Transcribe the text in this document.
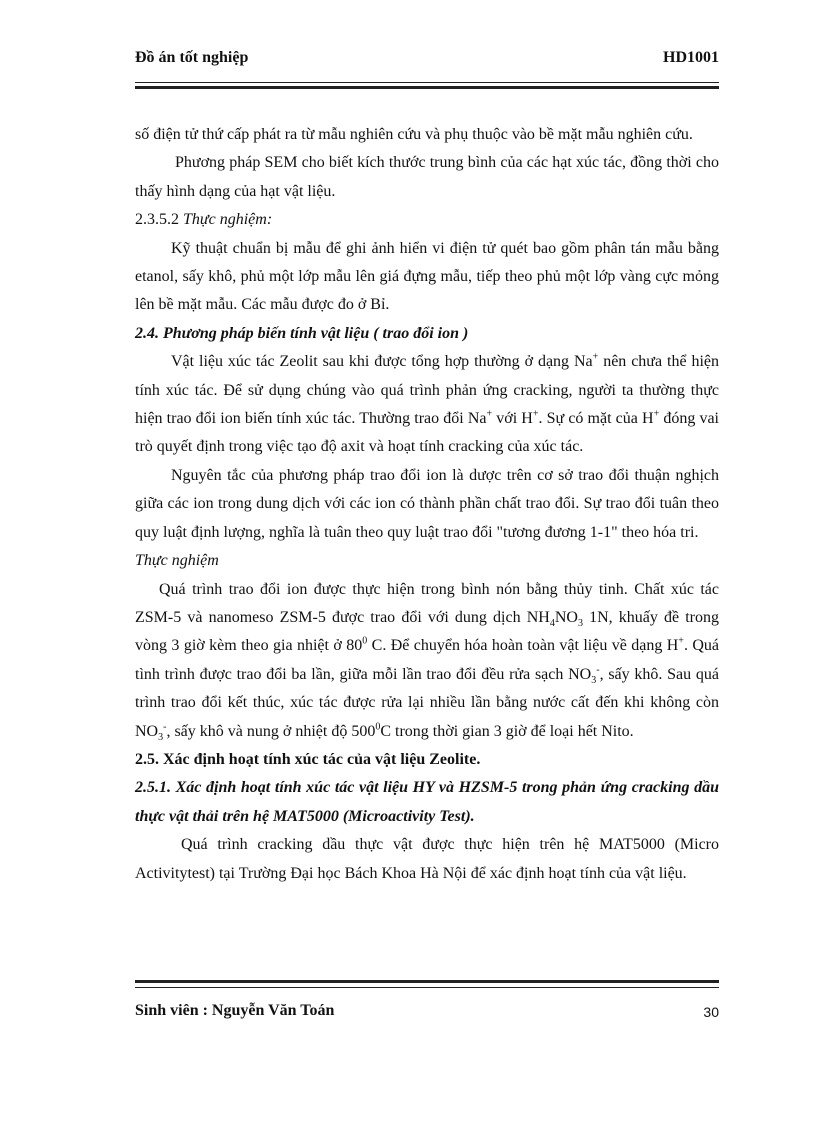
Đồ án tốt nghiệp	HD1001

số điện tử thứ cấp phát ra từ mẫu nghiên cứu và phụ thuộc vào bề mặt mẫu nghiên cứu.

Phương pháp SEM cho biết kích thước trung bình của các hạt xúc tác, đồng thời cho thấy hình dạng của hạt vật liệu.

2.3.5.2 Thực nghiệm:

Kỹ thuật chuẩn bị mẫu để ghi ảnh hiển vi điện tử quét bao gồm phân tán mẫu bằng etanol, sấy khô, phủ một lớp mẫu lên giá đựng mẫu, tiếp theo phủ một lớp vàng cực mỏng lên bề mặt mẫu. Các mẫu được đo ở Bỉ.

2.4. Phương pháp biến tính vật liệu ( trao đổi ion )

Vật liệu xúc tác Zeolit sau khi được tổng hợp thường ở dạng Na+ nên chưa thể hiện tính xúc tác. Để sử dụng chúng vào quá trình phản ứng cracking, người ta thường thực hiện trao đổi ion biến tính xúc tác. Thường trao đổi Na+ với H+. Sự có mặt của H+ đóng vai trò quyết định trong việc tạo độ axit và hoạt tính cracking của xúc tác.

Nguyên tắc của phương pháp trao đổi ion là dược trên cơ sở trao đổi thuận nghịch giữa các ion trong dung dịch với các ion có thành phần chất trao đổi. Sự trao đổi tuân theo quy luật định lượng, nghĩa là tuân theo quy luật trao đổi "tương đương 1-1" theo hóa tri.

Thực nghiệm

Quá trình trao đổi ion được thực hiện trong bình nón bằng thủy tinh. Chất xúc tác ZSM-5 và nanomeso ZSM-5 được trao đổi với dung dịch $NH_4NO_3$ 1N, khuấy đề trong vòng 3 giờ kèm theo gia nhiệt ở $80^0$ C. Để chuyển hóa hoàn toàn vật liệu về dạng H+. Quá tình trình được trao đổi ba lần, giữa mỗi lần trao đổi đều rửa sạch $NO_3^-$, sấy khô. Sau quá trình trao đổi kết thúc, xúc tác được rửa lại nhiều lần bằng nước cất đến khi không còn $NO_3^-$, sấy khô và nung ở nhiệt độ $500^0C$ trong thời gian 3 giờ để loại hết Nito.

2.5. Xác định hoạt tính xúc tác của vật liệu Zeolite.

2.5.1. Xác định hoạt tính xúc tác vật liệu HY và HZSM-5 trong phản ứng cracking dầu thực vật thải trên hệ MAT5000 (Microactivity Test).

Quá trình cracking dầu thực vật được thực hiện trên hệ MAT5000 (Micro Activitytest) tại Trường Đại học Bách Khoa Hà Nội để xác định hoạt tính của vật liệu.

Sinh viên : Nguyễn Văn Toán	30
